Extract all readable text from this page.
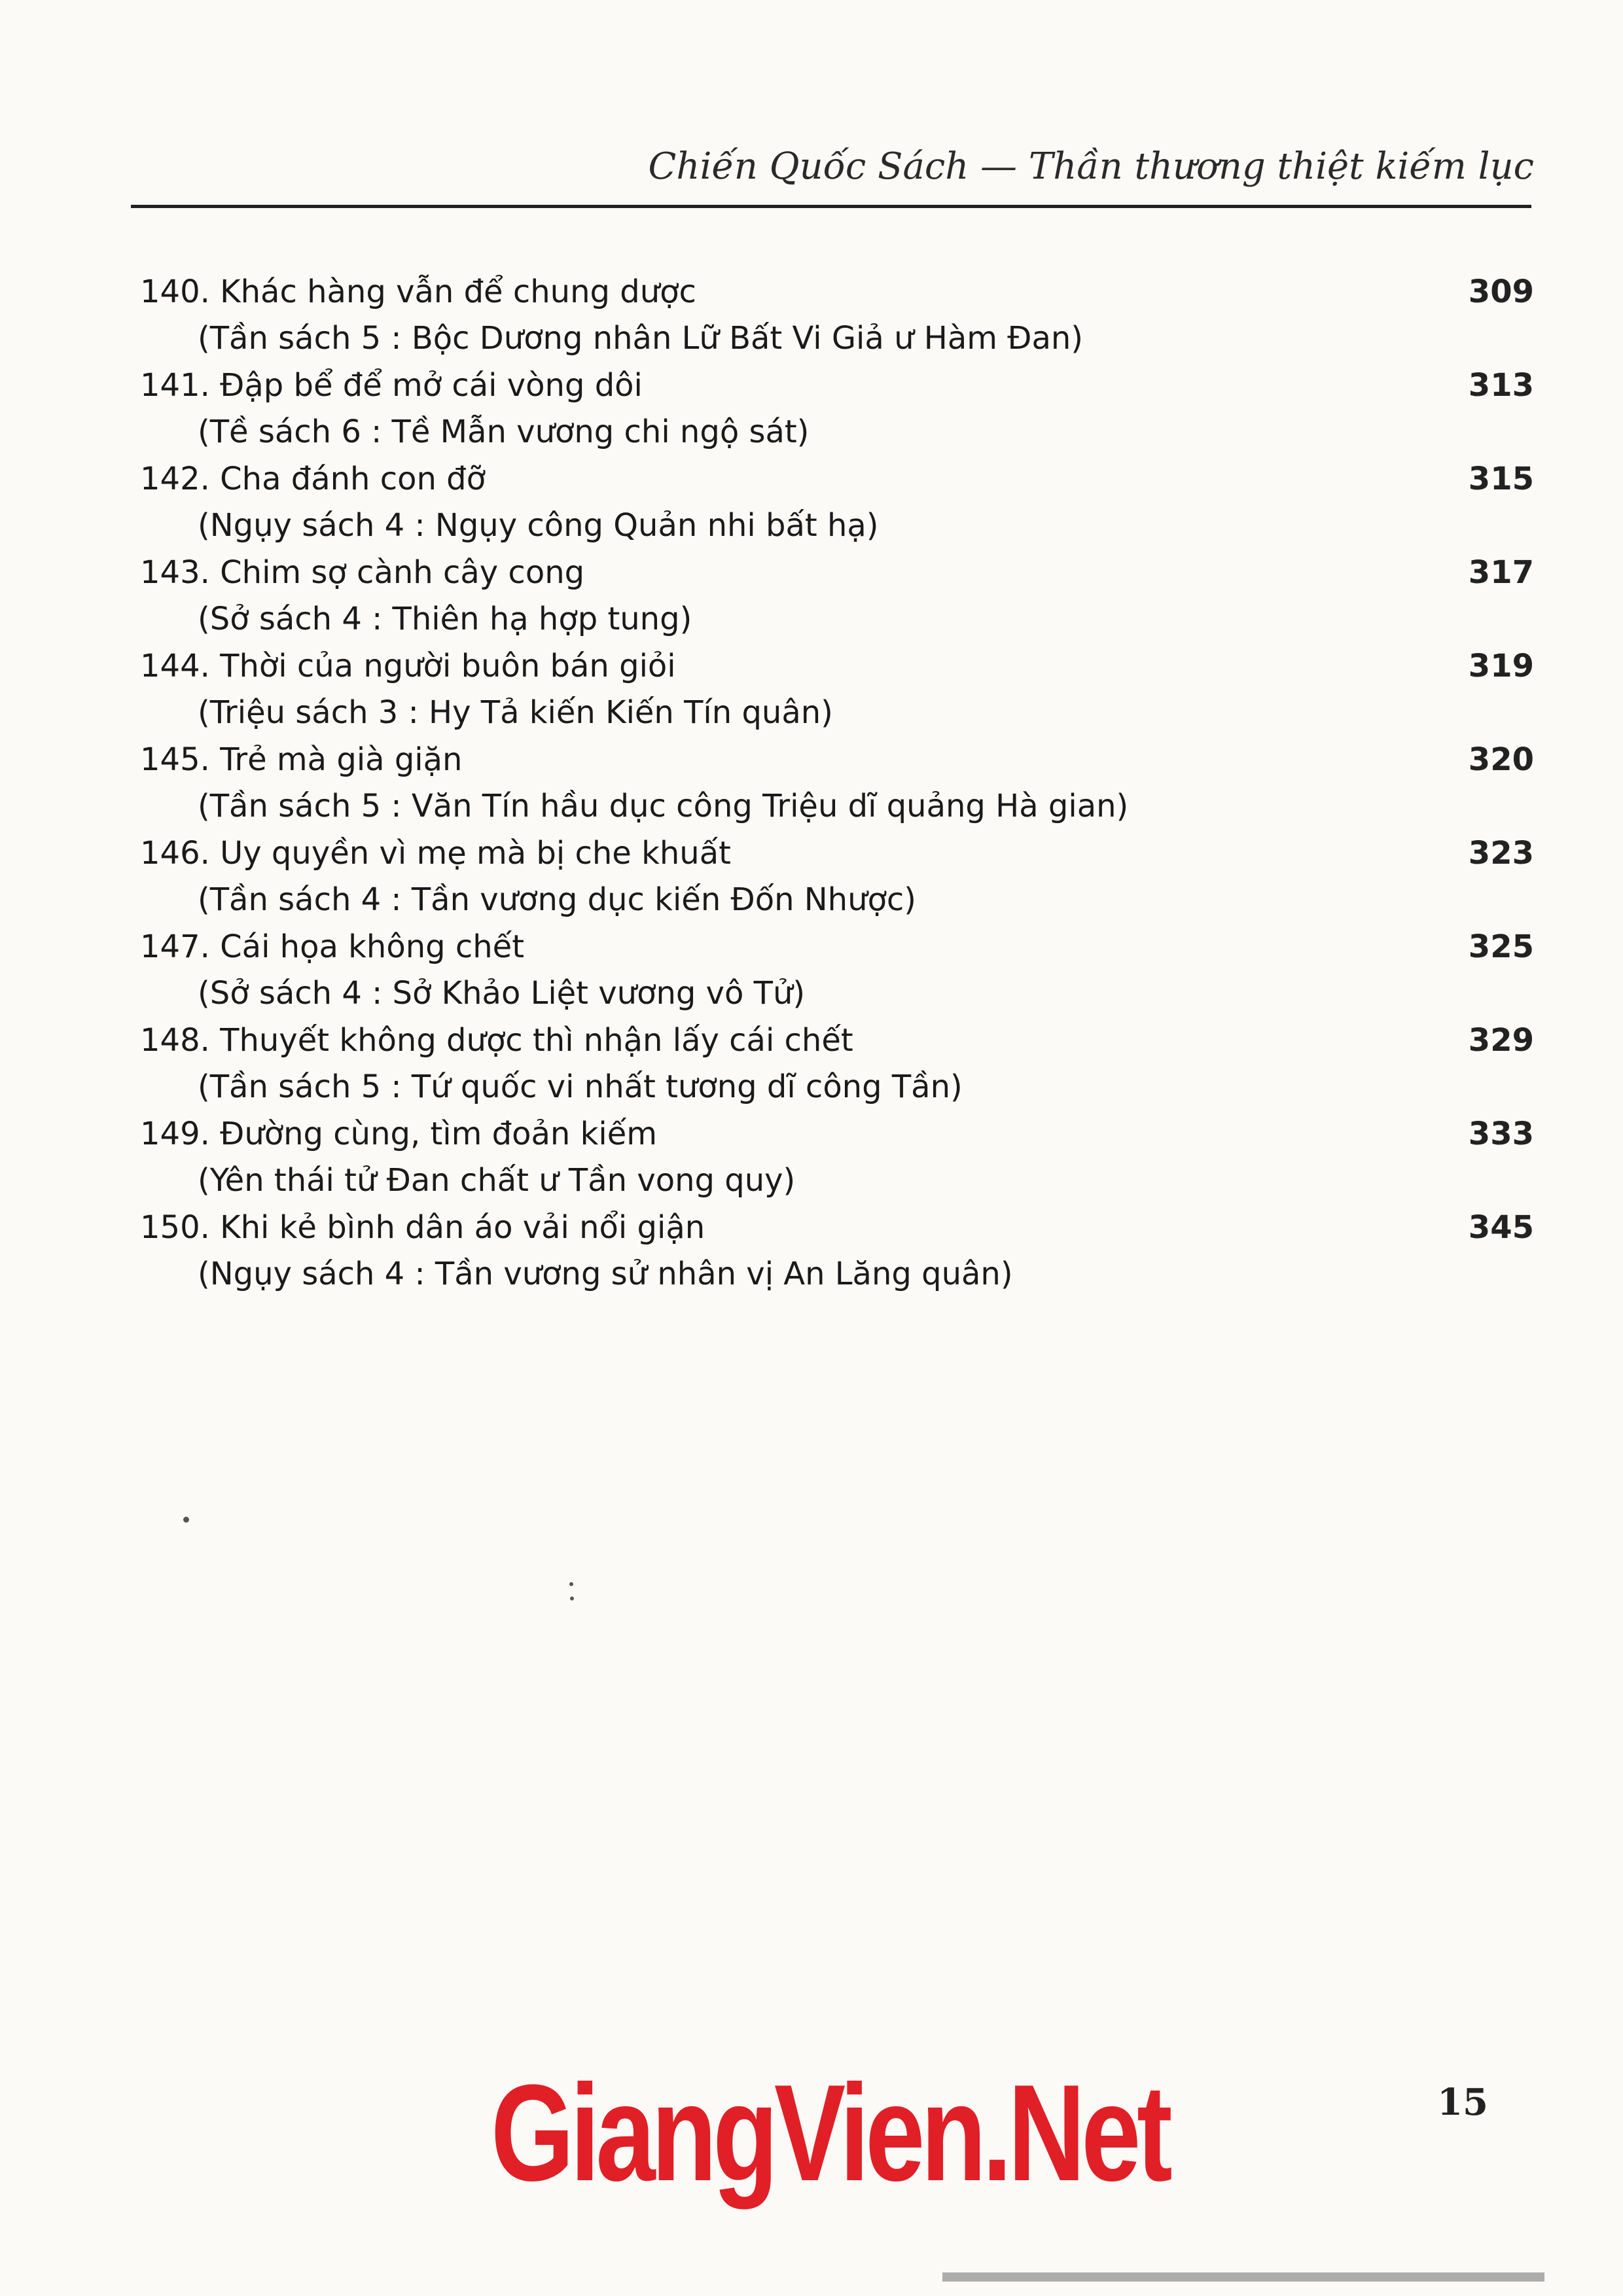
Chiến Quốc Sách — Thần thương thiệt kiếm lục
140. Khác hàng vẫn để chung dược	309
(Tần sách 5 : Bộc Dương nhân Lữ Bất Vi Giả ư Hàm Đan)
141. Đập bể để mở cái vòng dôi	313
(Tề sách 6 : Tề Mẫn vương chi ngộ sát)
142. Cha đánh con đỡ	315
(Ngụy sách 4 : Ngụy công Quản nhi bất hạ)
143. Chim sợ cành cây cong	317
(Sở sách 4 : Thiên hạ hợp tung)
144. Thời của người buôn bán giỏi	319
(Triệu sách 3 : Hy Tả kiến Kiến Tín quân)
145. Trẻ mà già giặn	320
(Tần sách 5 : Văn Tín hầu dục công Triệu dĩ quảng Hà gian)
146. Uy quyền vì mẹ mà bị che khuất	323
(Tần sách 4 : Tần vương dục kiến Đốn Nhược)
147. Cái họa không chết	325
(Sở sách 4 : Sở Khảo Liệt vương vô Tử)
148. Thuyết không dược thì nhận lấy cái chết	329
(Tần sách 5 : Tứ quốc vi nhất tương dĩ công Tần)
149. Đường cùng, tìm đoản kiếm	333
(Yên thái tử Đan chất ư Tần vong quy)
150. Khi kẻ bình dân áo vải nổi giận	345
(Ngụy sách 4 : Tần vương sử nhân vị An Lăng quân)
GiangVien.Net	15
